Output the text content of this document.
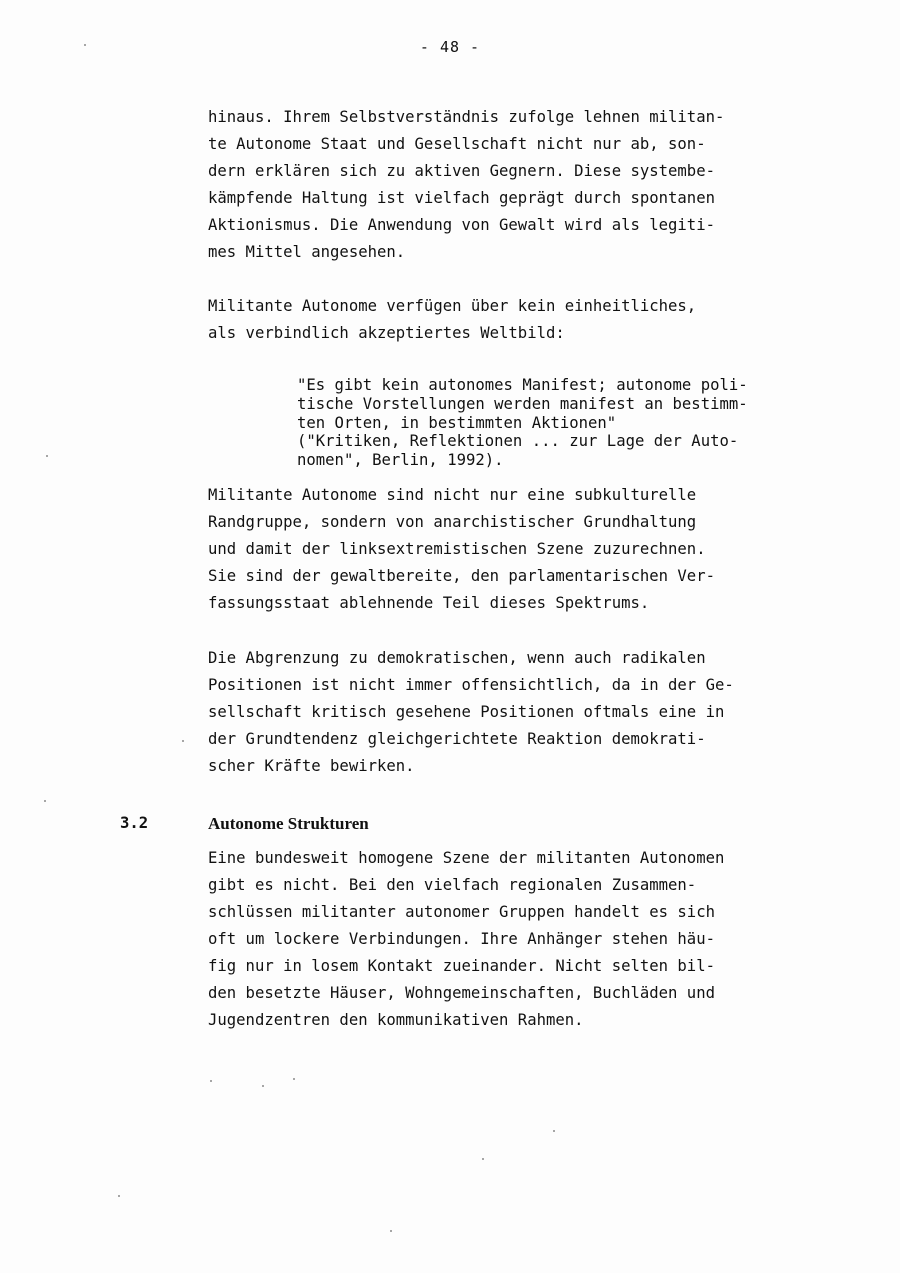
- 48 -
hinaus. Ihrem Selbstverständnis zufolge lehnen militan-
te Autonome Staat und Gesellschaft nicht nur ab, son-
dern erklären sich zu aktiven Gegnern. Diese systembe-
kämpfende Haltung ist vielfach geprägt durch spontanen
Aktionismus. Die Anwendung von Gewalt wird als legiti-
mes Mittel angesehen.
Militante Autonome verfügen über kein einheitliches,
als verbindlich akzeptiertes Weltbild:
"Es gibt kein autonomes Manifest; autonome poli-
tische Vorstellungen werden manifest an bestimm-
ten Orten, in bestimmten Aktionen"
("Kritiken, Reflektionen ... zur Lage der Auto-
nomen", Berlin, 1992).
Militante Autonome sind nicht nur eine subkulturelle
Randgruppe, sondern von anarchistischer Grundhaltung
und damit der linksextremistischen Szene zuzurechnen.
Sie sind der gewaltbereite, den parlamentarischen Ver-
fassungsstaat ablehnende Teil dieses Spektrums.
Die Abgrenzung zu demokratischen, wenn auch radikalen
Positionen ist nicht immer offensichtlich, da in der Ge-
sellschaft kritisch gesehene Positionen oftmals eine in
der Grundtendenz gleichgerichtete Reaktion demokrati-
scher Kräfte bewirken.
3.2	Autonome Strukturen
Eine bundesweit homogene Szene der militanten Autonomen
gibt es nicht. Bei den vielfach regionalen Zusammen-
schlüssen militanter autonomer Gruppen handelt es sich
oft um lockere Verbindungen. Ihre Anhänger stehen häu-
fig nur in losem Kontakt zueinander. Nicht selten bil-
den besetzte Häuser, Wohngemeinschaften, Buchläden und
Jugendzentren den kommunikativen Rahmen.
